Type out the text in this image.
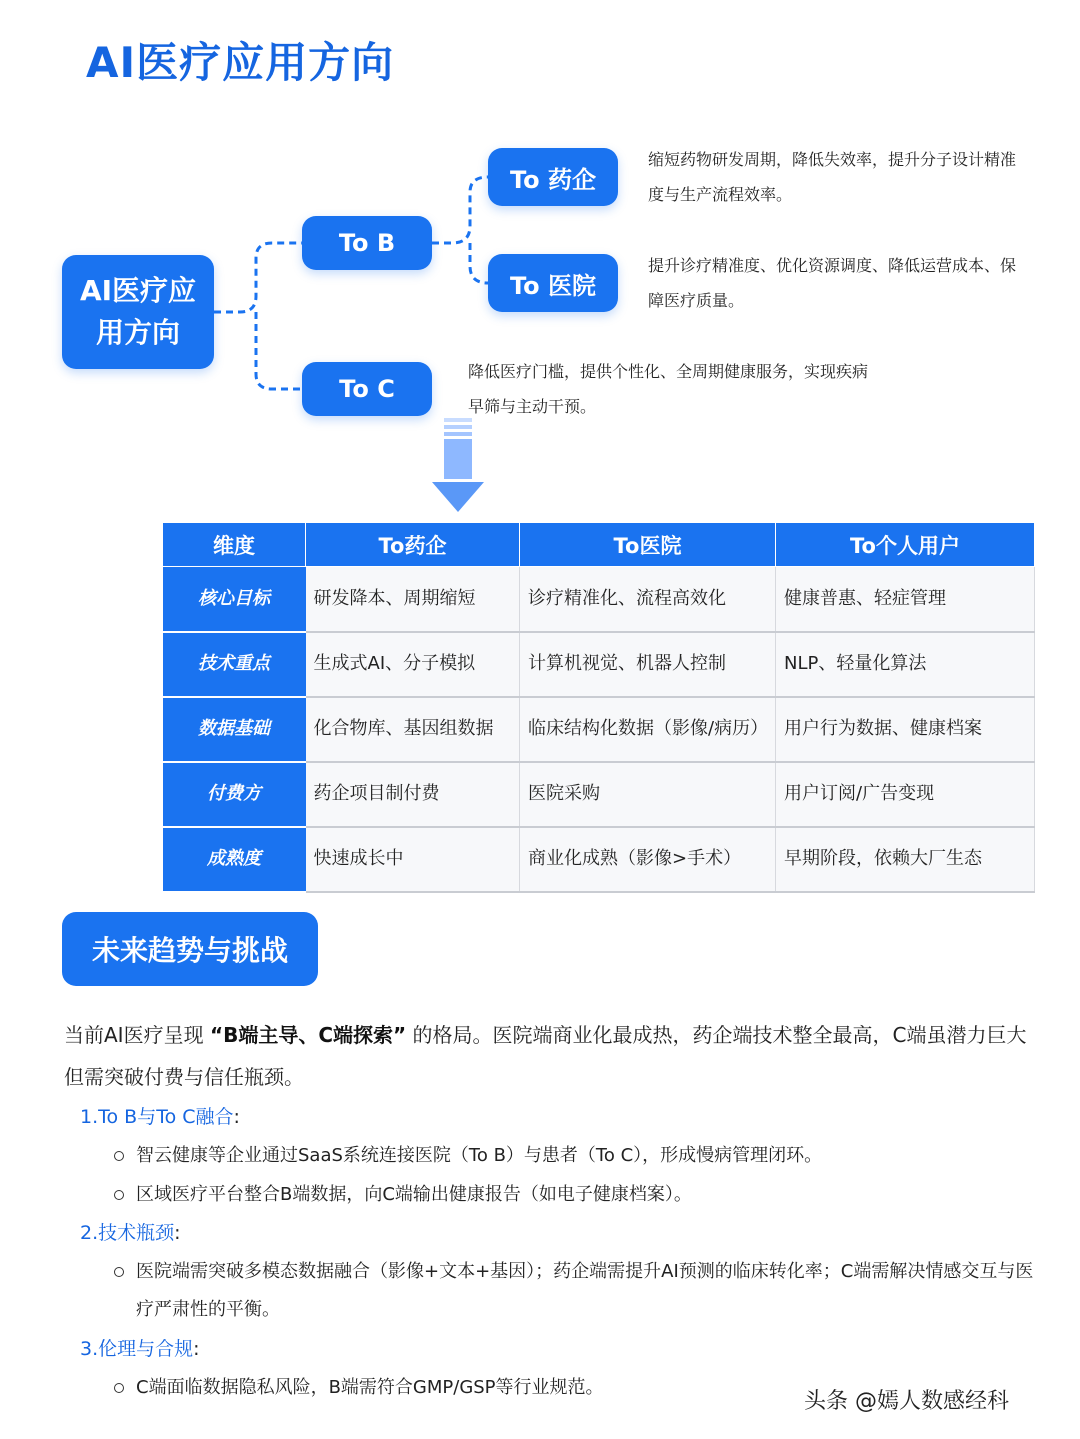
AI医疗应用方向
AI医疗应用方向
To B
To C
To 药企
To 医院
缩短药物研发周期，降低失效率，提升分子设计精准度与生产流程效率。
提升诊疗精准度、优化资源调度、降低运营成本、保障医疗质量。
降低医疗门槛，提供个性化、全周期健康服务，实现疾病早筛与主动干预。
维度	To药企	To医院	To个人用户
核心目标	研发降本、周期缩短	诊疗精准化、流程高效化	健康普惠、轻症管理
技术重点	生成式AI、分子模拟	计算机视觉、机器人控制	NLP、轻量化算法
数据基础	化合物库、基因组数据	临床结构化数据（影像/病历）	用户行为数据、健康档案
付费方	药企项目制付费	医院采购	用户订阅/广告变现
成熟度	快速成长中	商业化成熟（影像>手术）	早期阶段，依赖大厂生态
未来趋势与挑战
当前AI医疗呈现 “B端主导、C端探索” 的格局。医院端商业化最成热，药企端技术整全最高，C端虽潜力巨大但需突破付费与信任瓶颈。
1.To B与To C融合:
智云健康等企业通过SaaS系统连接医院（To B）与患者（To C），形成慢病管理闭环。
区域医疗平台整合B端数据，向C端输出健康报告（如电子健康档案）。
2.技术瓶颈:
医院端需突破多模态数据融合（影像+文本+基因）；药企端需提升AI预测的临床转化率；C端需解决情感交互与医疗严肃性的平衡。
3.伦理与合规:
C端面临数据隐私风险，B端需符合GMP/GSP等行业规范。
头条 @嫣人数感经科
